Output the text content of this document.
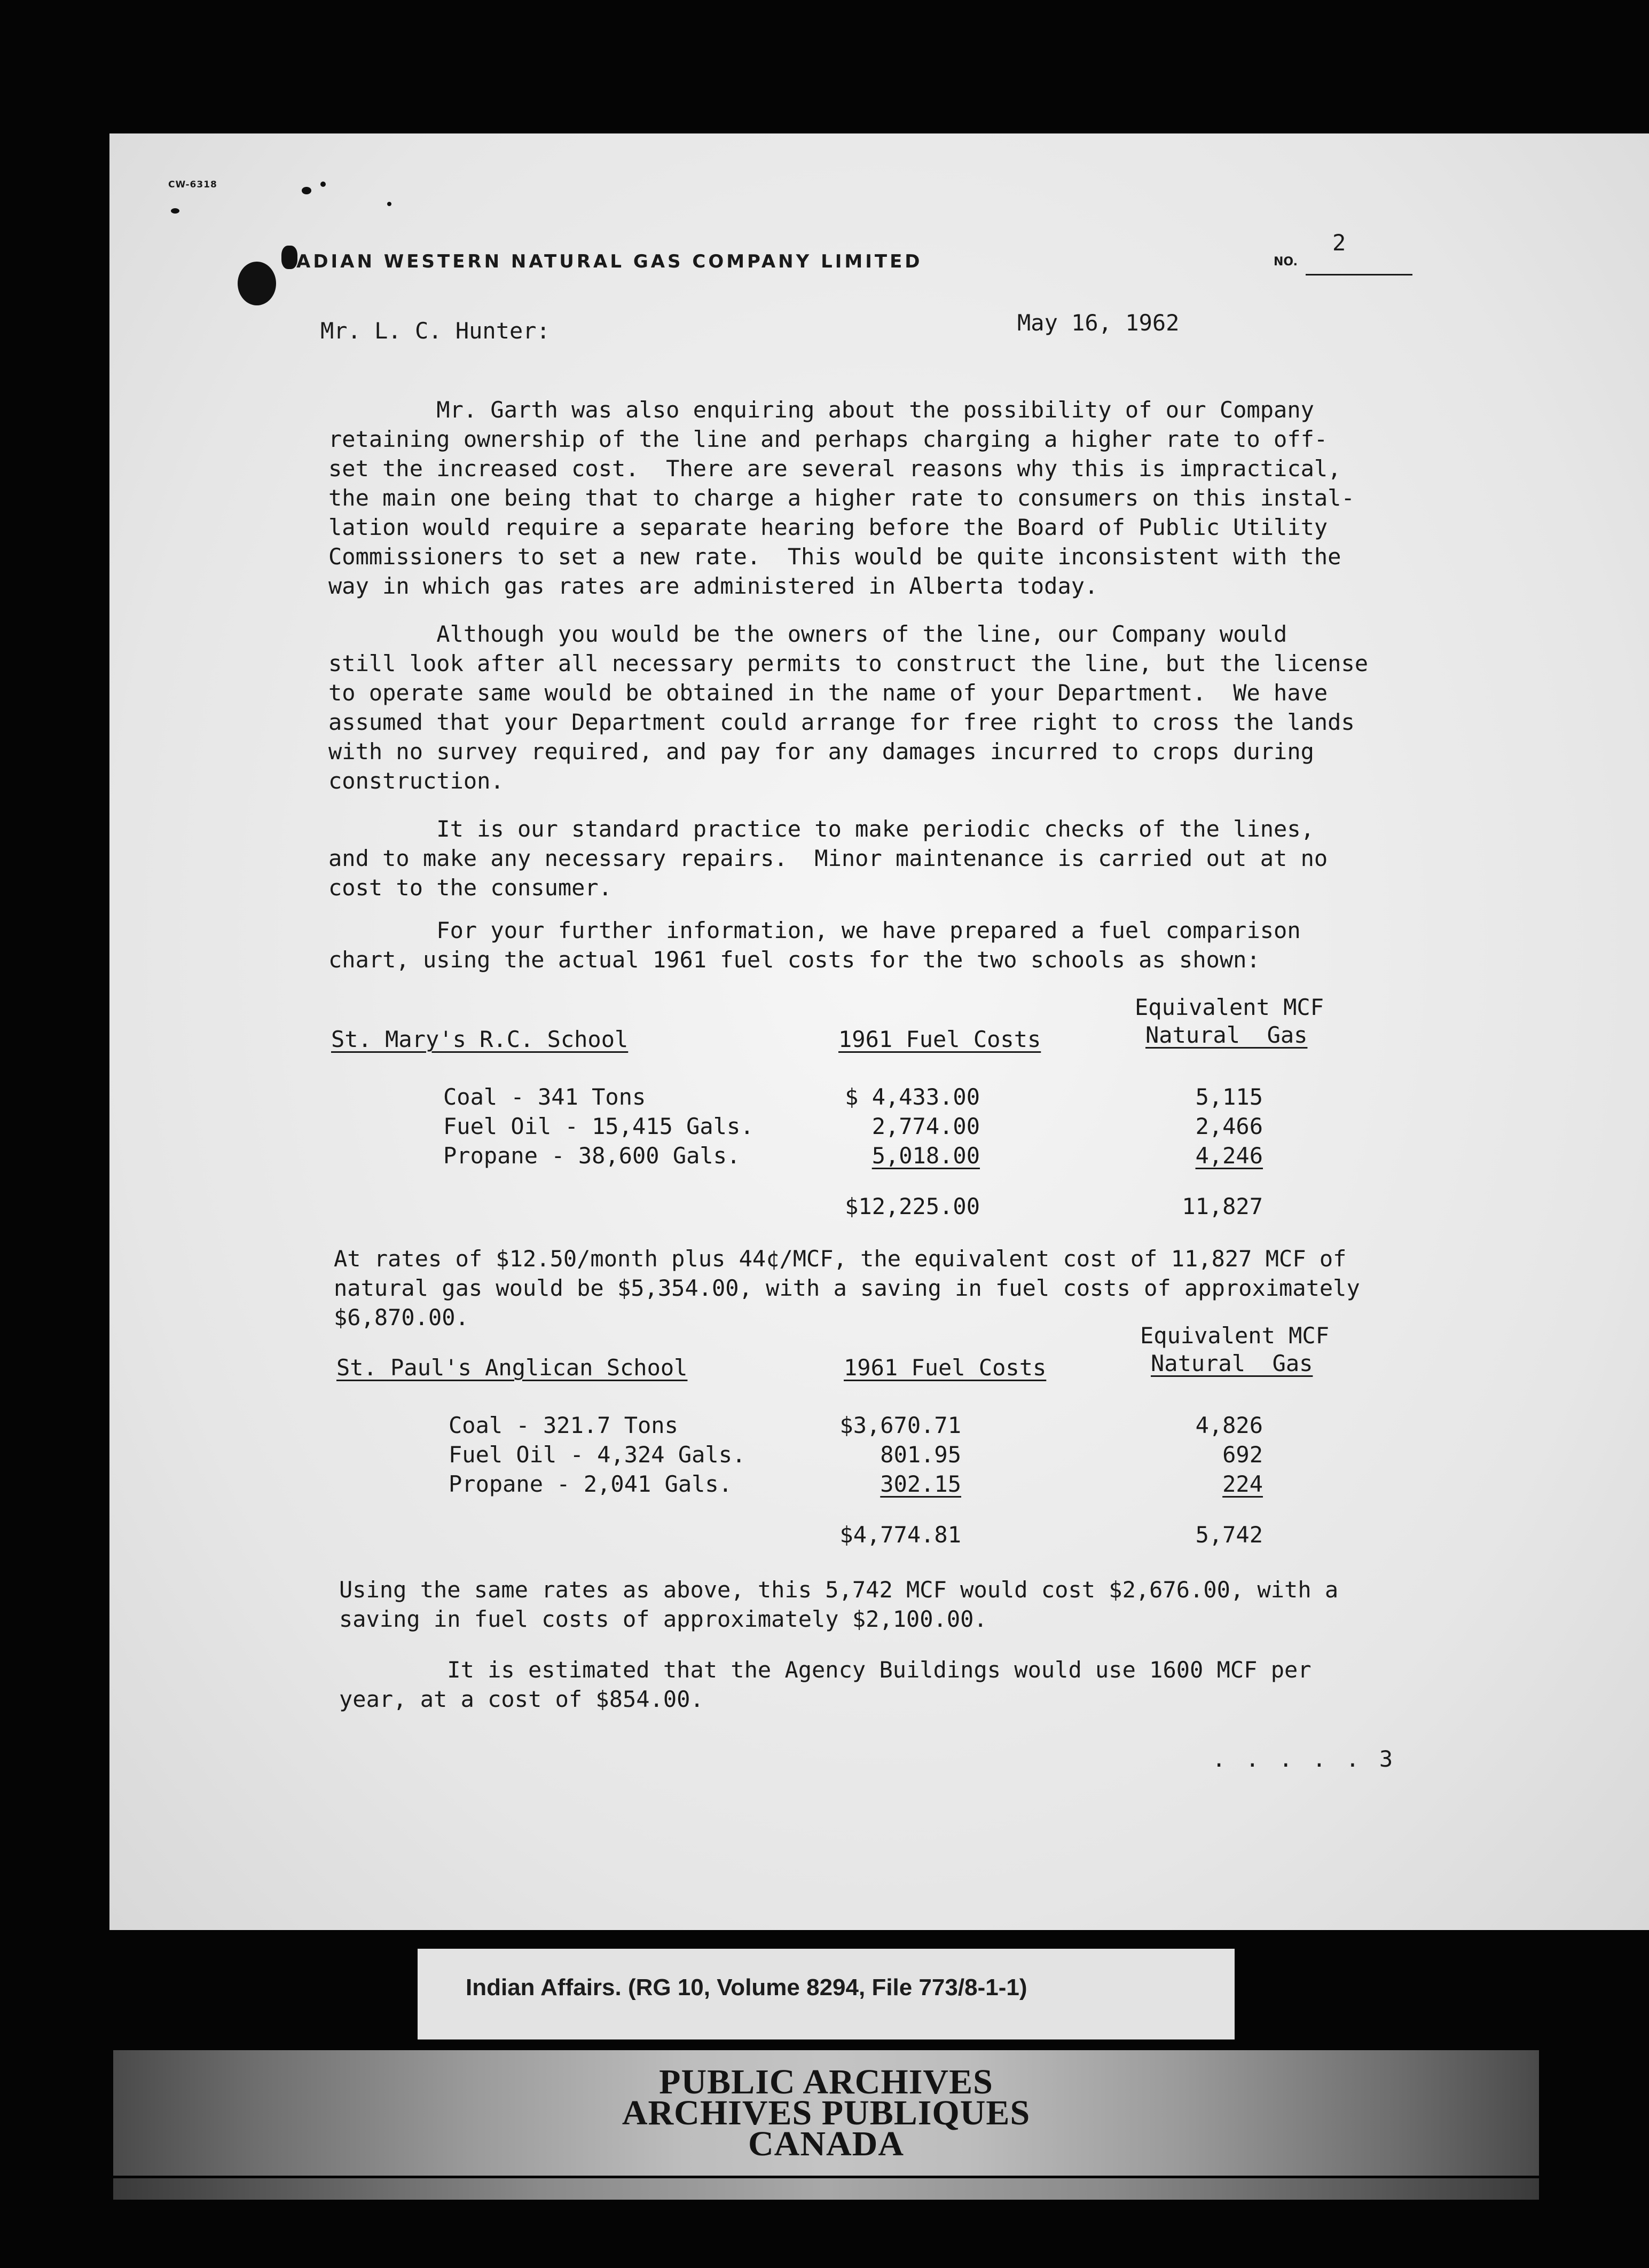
CW-6318
ADIAN WESTERN NATURAL GAS COMPANY LIMITED	NO.
2
Mr. L. C. Hunter:	May 16, 1962
Mr. Garth was also enquiring about the possibility of our Company
retaining ownership of the line and perhaps charging a higher rate to off-
set the increased cost.  There are several reasons why this is impractical,
the main one being that to charge a higher rate to consumers on this instal-
lation would require a separate hearing before the Board of Public Utility
Commissioners to set a new rate.  This would be quite inconsistent with the
way in which gas rates are administered in Alberta today.
Although you would be the owners of the line, our Company would
still look after all necessary permits to construct the line, but the license
to operate same would be obtained in the name of your Department.  We have
assumed that your Department could arrange for free right to cross the lands
with no survey required, and pay for any damages incurred to crops during
construction.
It is our standard practice to make periodic checks of the lines,
and to make any necessary repairs.  Minor maintenance is carried out at no
cost to the consumer.
For your further information, we have prepared a fuel comparison
chart, using the actual 1961 fuel costs for the two schools as shown:
St. Mary's R.C. School	1961 Fuel Costs
Equivalent MCF
Natural  Gas
Coal - 341 Tons	$ 4,433.00	5,115
Fuel Oil - 15,415 Gals.	2,774.00	2,466
Propane - 38,600 Gals.	5,018.00	4,246
$12,225.00	11,827
At rates of $12.50/month plus 44¢/MCF, the equivalent cost of 11,827 MCF of
natural gas would be $5,354.00, with a saving in fuel costs of approximately
$6,870.00.
St. Paul's Anglican School	1961 Fuel Costs
Equivalent MCF
Natural  Gas
Coal - 321.7 Tons	$3,670.71	4,826
Fuel Oil - 4,324 Gals.	801.95	692
Propane - 2,041 Gals.	302.15	224
$4,774.81	5,742
Using the same rates as above, this 5,742 MCF would cost $2,676.00, with a
saving in fuel costs of approximately $2,100.00.
It is estimated that the Agency Buildings would use 1600 MCF per
year, at a cost of $854.00.
. . . . . 3
Indian Affairs. (RG 10, Volume 8294, File 773/8-1-1)
PUBLIC ARCHIVES
ARCHIVES PUBLIQUES
CANADA
